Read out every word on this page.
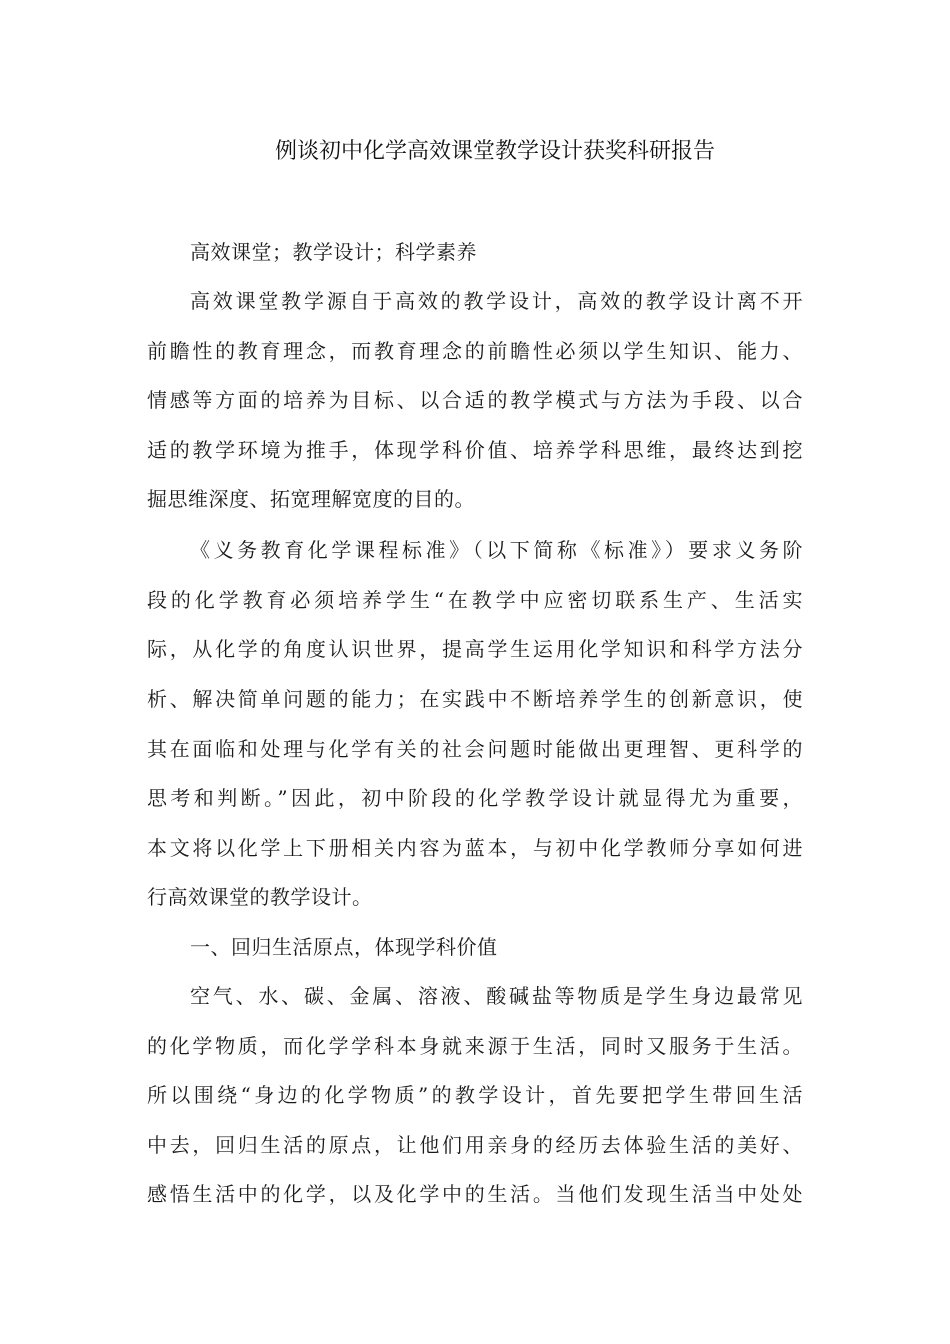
例谈初中化学高效课堂教学设计获奖科研报告
高效课堂；教学设计；科学素养
高效课堂教学源自于高效的教学设计，高效的教学设计离不开
前瞻性的教育理念，而教育理念的前瞻性必须以学生知识、能力、
情感等方面的培养为目标、以合适的教学模式与方法为手段、以合
适的教学环境为推手，体现学科价值、培养学科思维，最终达到挖
掘思维深度、拓宽理解宽度的目的。
《义务教育化学课程标准》（以下简称《标准》）要求义务阶
段的化学教育必须培养学生“在教学中应密切联系生产、生活实
际，从化学的角度认识世界，提高学生运用化学知识和科学方法分
析、解决简单问题的能力；在实践中不断培养学生的创新意识，使
其在面临和处理与化学有关的社会问题时能做出更理智、更科学的
思考和判断。”因此，初中阶段的化学教学设计就显得尤为重要，
本文将以化学上下册相关内容为蓝本，与初中化学教师分享如何进
行高效课堂的教学设计。
一、回归生活原点，体现学科价值
空气、水、碳、金属、溶液、酸碱盐等物质是学生身边最常见
的化学物质，而化学学科本身就来源于生活，同时又服务于生活。
所以围绕“身边的化学物质”的教学设计，首先要把学生带回生活
中去，回归生活的原点，让他们用亲身的经历去体验生活的美好、
感悟生活中的化学，以及化学中的生活。当他们发现生活当中处处
